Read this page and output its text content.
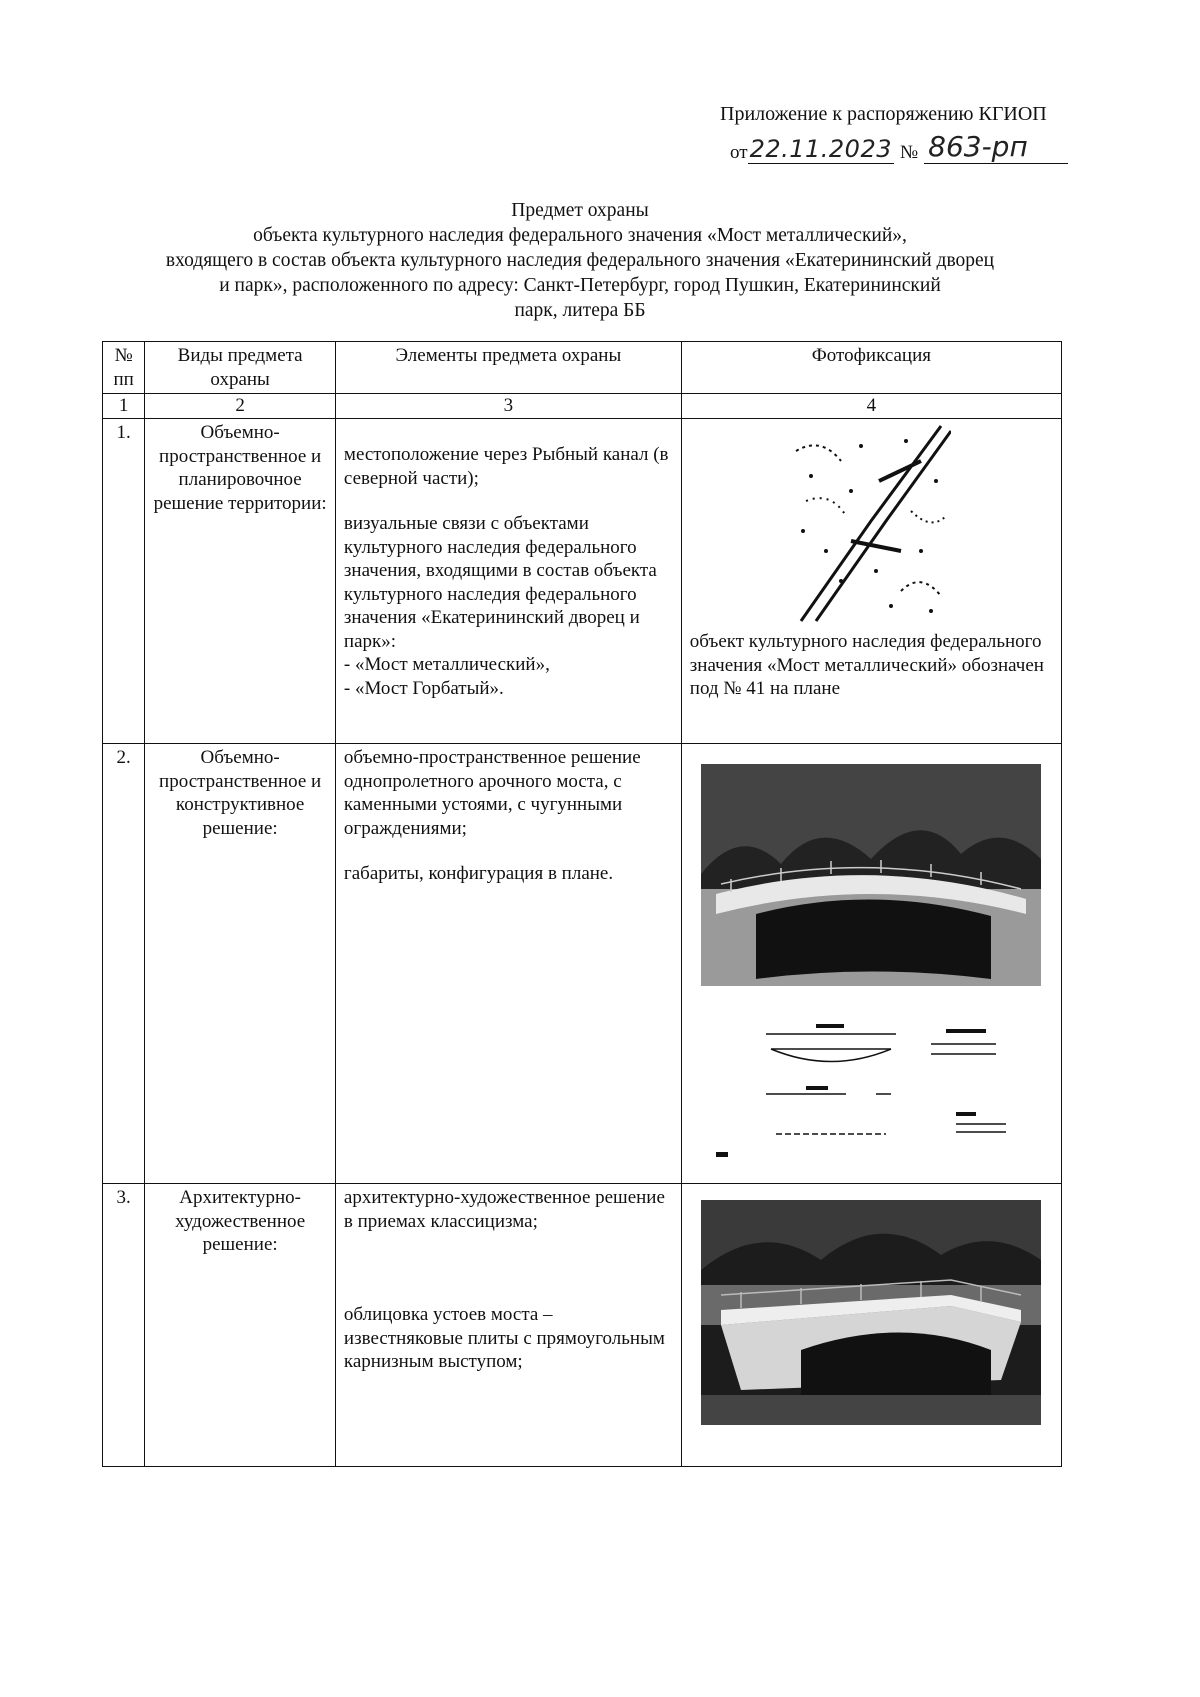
Приложение к распоряжению КГИОП
от 22.11.2023 № 863-рп
Предмет охраны
объекта культурного наследия федерального значения «Мост металлический»,
входящего в состав объекта культурного наследия федерального значения «Екатерининский дворец
и парк», расположенного по адресу: Санкт-Петербург, город Пушкин, Екатерининский
парк, литера ББ
№ пп	Виды предмета охраны	Элементы предмета охраны	Фотофиксация
1	2	3	4
1.	Объемно-пространственное и планировочное решение территории:	местоположение через Рыбный канал (в северной части);
визуальные связи с объектами культурного наследия федерального значения, входящими в состав объекта культурного наследия федерального значения «Екатерининский дворец и парк»:
- «Мост металлический»,
- «Мост Горбатый».	объект культурного наследия федерального значения «Мост металлический» обозначен под № 41 на плане

2.	Объемно-пространственное и конструктивное решение:	объемно-пространственное решение однопролетного арочного моста, с каменными устоями, с чугунными ограждениями;
габариты, конфигурация в плане.

3.	Архитектурно-художественное решение:	архитектурно-художественное решение в приемах классицизма;
облицовка устоев моста – известняковые плиты с прямоугольным карнизным выступом;
